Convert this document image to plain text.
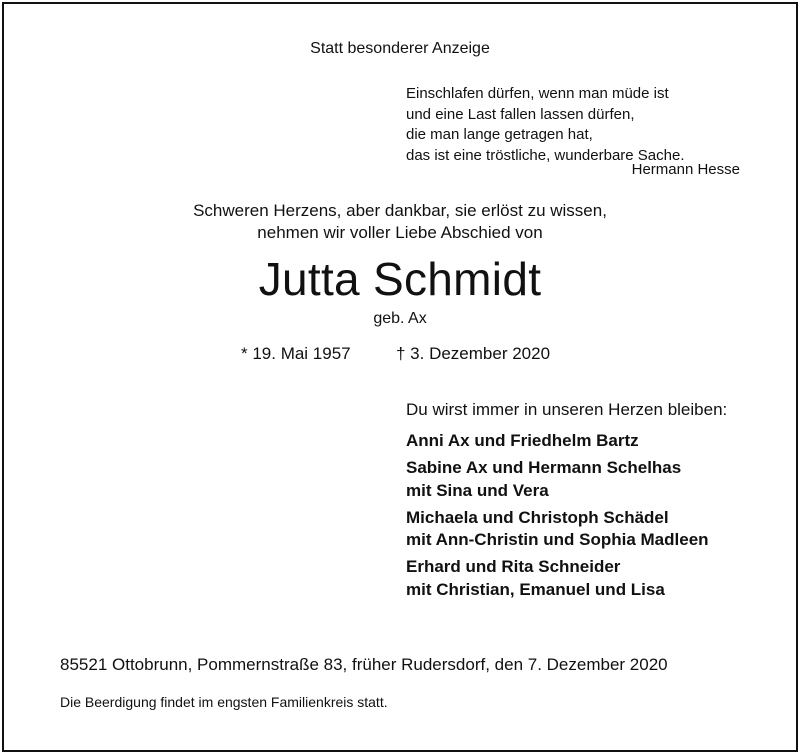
Statt besonderer Anzeige
Einschlafen dürfen, wenn man müde ist
und eine Last fallen lassen dürfen,
die man lange getragen hat,
das ist eine tröstliche, wunderbare Sache.
Hermann Hesse
Schweren Herzens, aber dankbar, sie erlöst zu wissen,
nehmen wir voller Liebe Abschied von
Jutta Schmidt
geb. Ax
* 19. Mai 1957	† 3. Dezember 2020
Du wirst immer in unseren Herzen bleiben:
Anni Ax und Friedhelm Bartz
Sabine Ax und Hermann Schelhas
mit Sina und Vera
Michaela und Christoph Schädel
mit Ann-Christin und Sophia Madleen
Erhard und Rita Schneider
mit Christian, Emanuel und Lisa
85521 Ottobrunn, Pommernstraße 83, früher Rudersdorf, den 7. Dezember 2020
Die Beerdigung findet im engsten Familienkreis statt.
